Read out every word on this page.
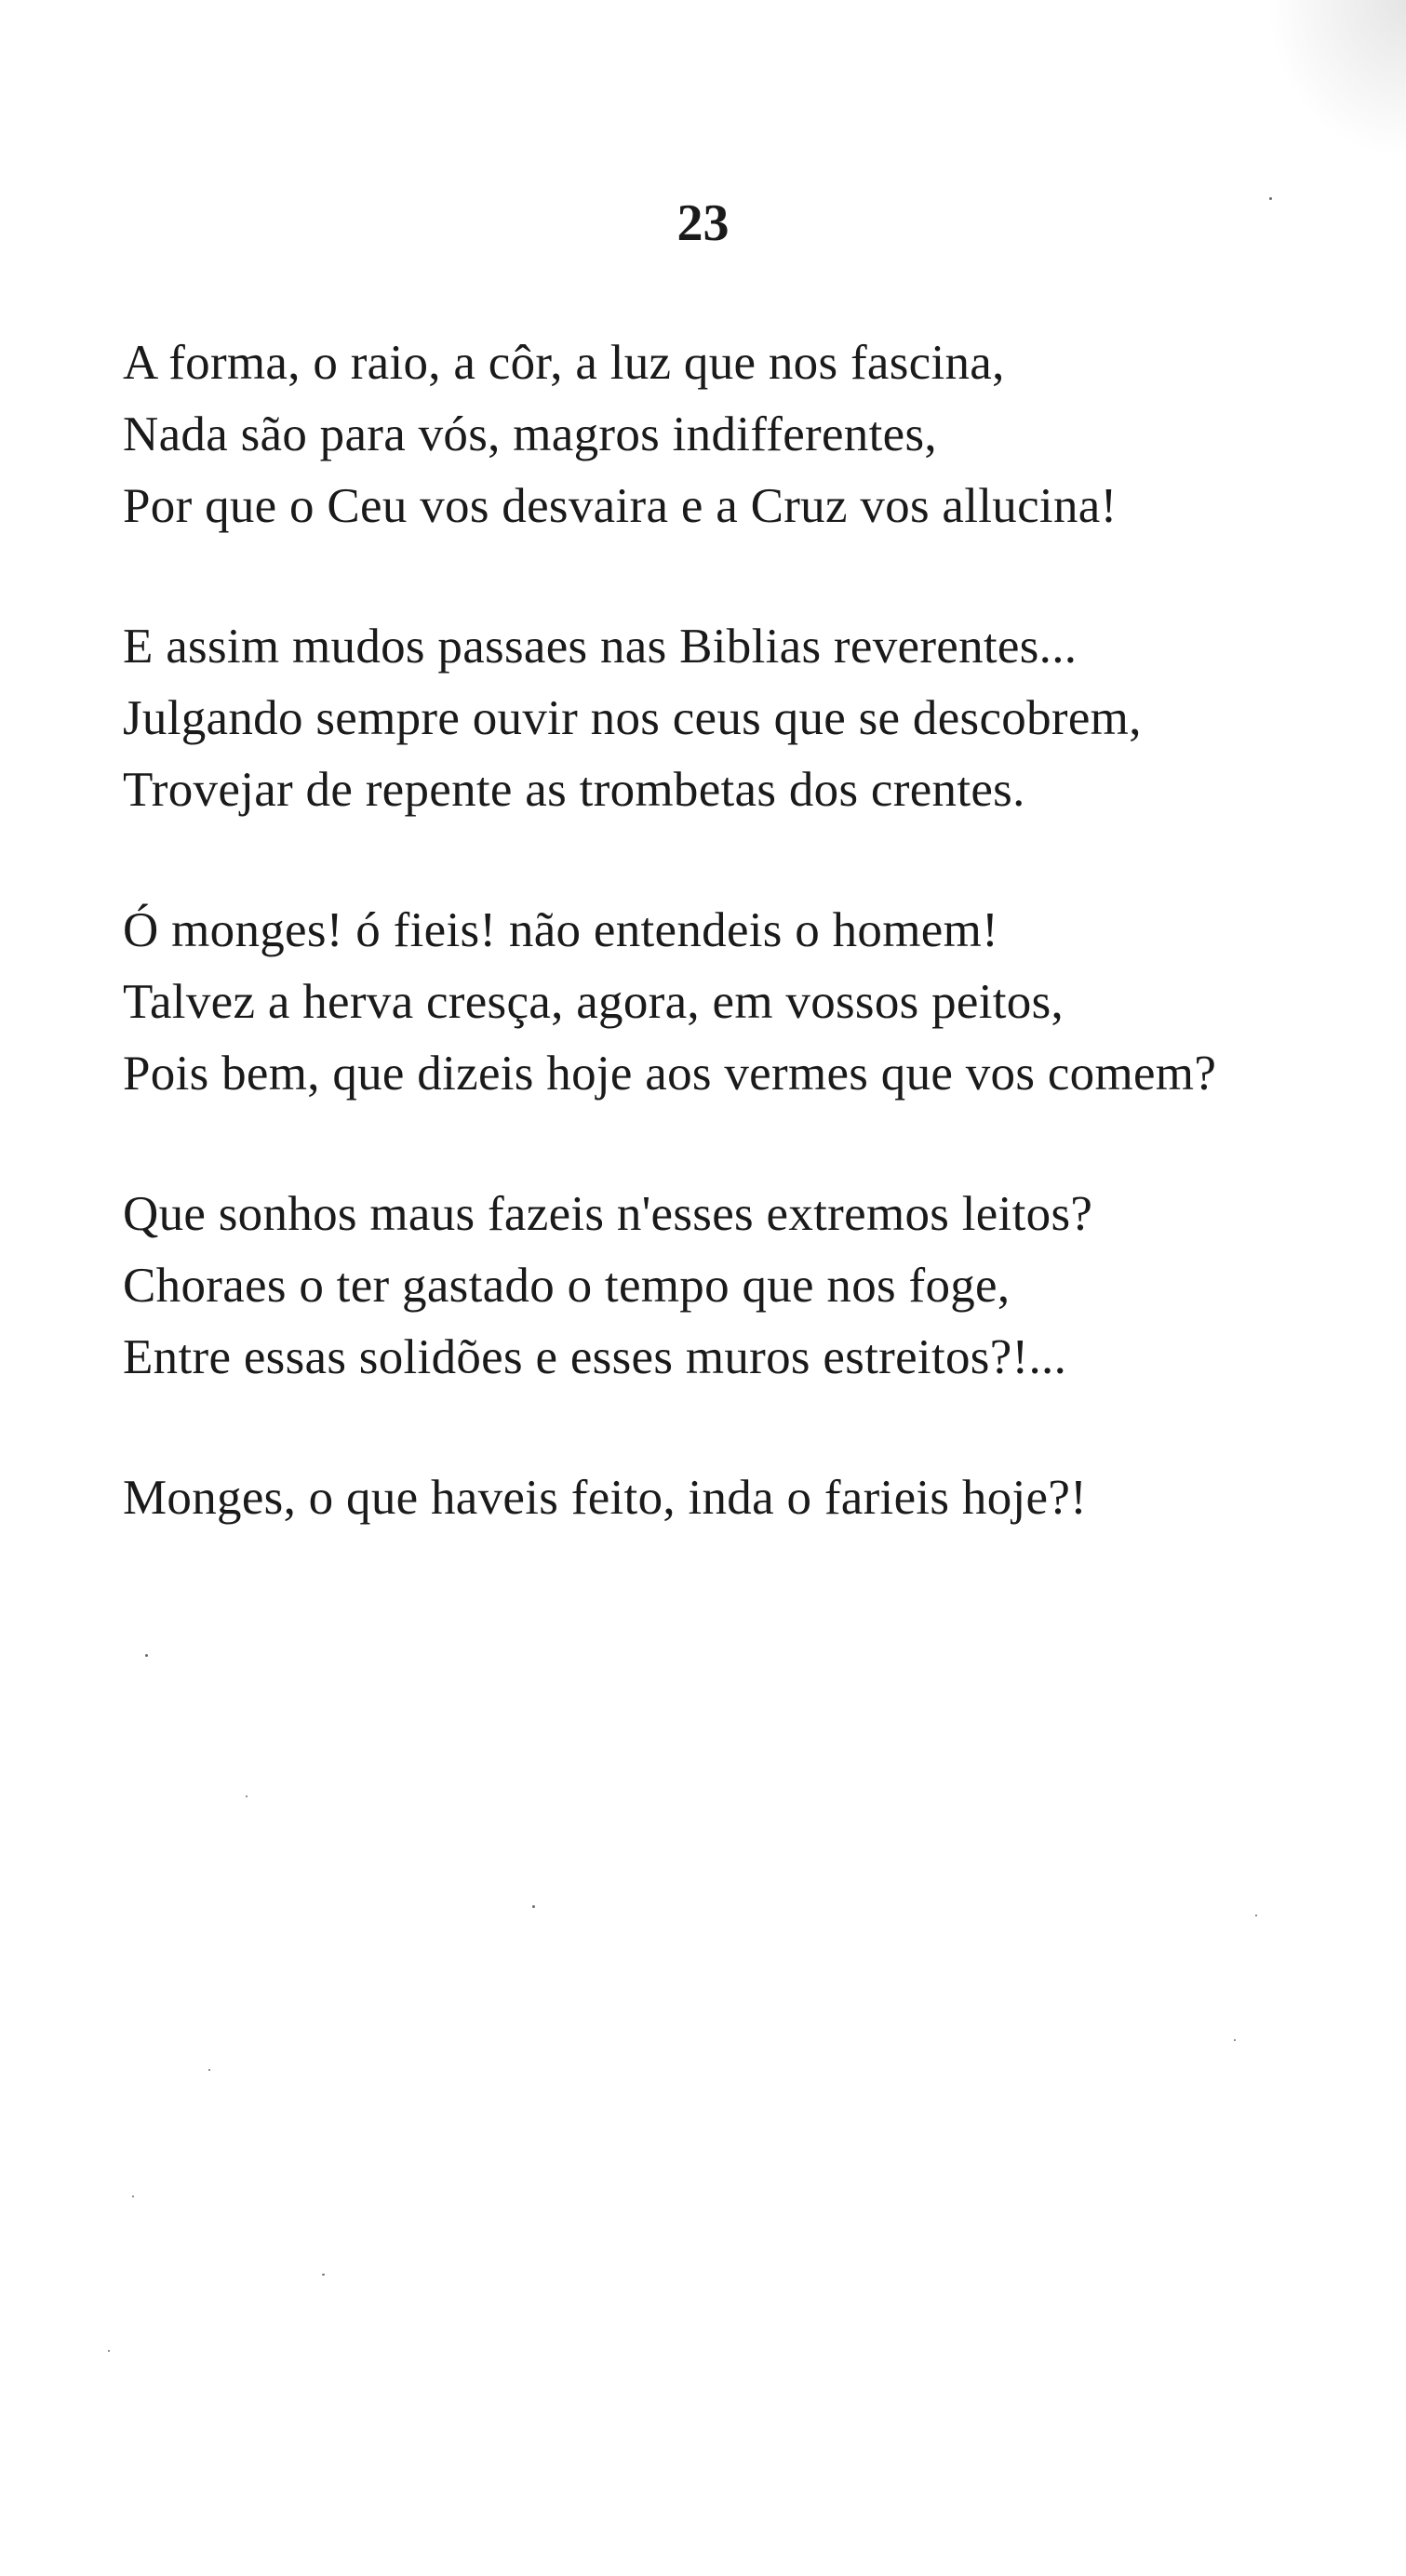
23
A forma, o raio, a côr, a luz que nos fascina,
Nada são para vós, magros indifferentes,
Por que o Ceu vos desvaira e a Cruz vos allucina!
E assim mudos passaes nas Biblias reverentes...
Julgando sempre ouvir nos ceus que se descobrem,
Trovejar de repente as trombetas dos crentes.
Ó monges! ó fieis! não entendeis o homem!
Talvez a herva cresça, agora, em vossos peitos,
Pois bem, que dizeis hoje aos vermes que vos comem?
Que sonhos maus fazeis n'esses extremos leitos?
Choraes o ter gastado o tempo que nos foge,
Entre essas solidões e esses muros estreitos?!...
Monges, o que haveis feito, inda o farieis hoje?!
